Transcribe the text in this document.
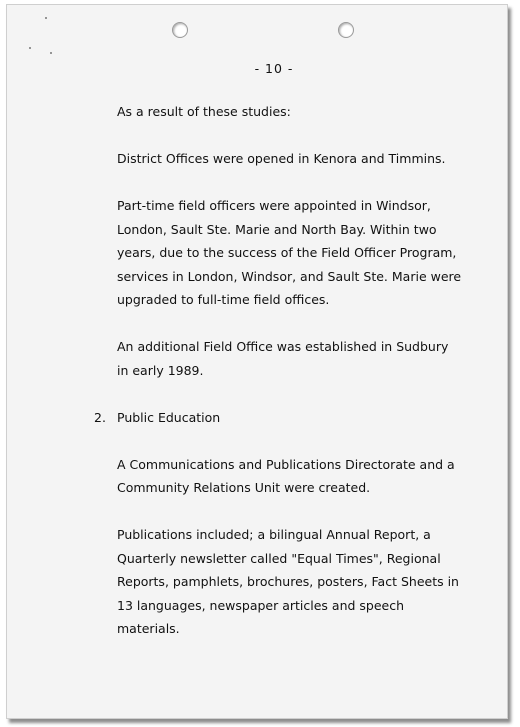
- 10 -

As a result of these studies:

District Offices were opened in Kenora and Timmins.

Part-time field officers were appointed in Windsor, London, Sault Ste. Marie and North Bay. Within two years, due to the success of the Field Officer Program, services in London, Windsor, and Sault Ste. Marie were upgraded to full-time field offices.

An additional Field Office was established in Sudbury in early 1989.

2. Public Education

A Communications and Publications Directorate and a Community Relations Unit were created.

Publications included; a bilingual Annual Report, a Quarterly newsletter called "Equal Times", Regional Reports, pamphlets, brochures, posters, Fact Sheets in 13 languages, newspaper articles and speech materials.
